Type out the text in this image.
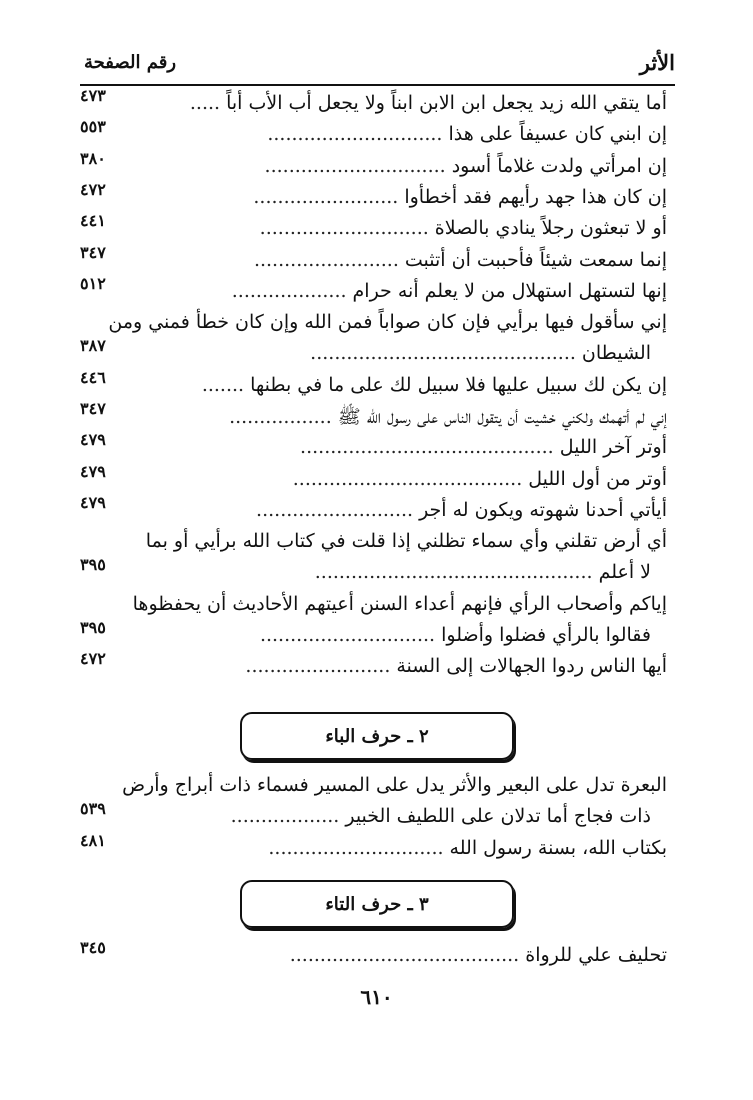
الأثر
رقم الصفحة
أما يتقي الله زيد يجعل ابن الابن ابناً ولا يجعل أب الأب أباً.....
٤٧٣
إن ابني كان عسيفاً على هذا.............................
٥٥٣
إن امرأتي ولدت غلاماً أسود..............................
٣٨٠
إن كان هذا جهد رأيهم فقد أخطأوا........................
٤٧٢
أو لا تبعثون رجلاً ينادي بالصلاة............................
٤٤١
إنما سمعت شيئاً فأحببت أن أتثبت........................
٣٤٧
إنها لتستهل استهلال من لا يعلم أنه حرام...................
٥١٢
إني سأقول فيها برأيي فإن كان صواباً فمن الله وإن كان خطأ فمني ومن
الشيطان............................................
٣٨٧
إن يكن لك سبيل عليها فلا سبيل لك على ما في بطنها.......
٤٤٦
إني لم أتهمك ولكني خشيت أن يتقول الناس على رسول الله ﷺ.................
٣٤٧
أوتر آخر الليل..........................................
٤٧٩
أوتر من أول الليل......................................
٤٧٩
أيأتي أحدنا شهوته ويكون له أجر..........................
٤٧٩
أي أرض تقلني وأي سماء تظلني إذا قلت في كتاب الله برأيي أو بما
لا أعلم..............................................
٣٩٥
إياكم وأصحاب الرأي فإنهم أعداء السنن أعيتهم الأحاديث أن يحفظوها
فقالوا بالرأي فضلوا وأضلوا.............................
٣٩٥
أيها الناس ردوا الجهالات إلى السنة........................
٤٧٢
٢ ـ حرف الباء
البعرة تدل على البعير والأثر يدل على المسير فسماء ذات أبراج وأرض
ذات فجاج أما تدلان على اللطيف الخبير..................
٥٣٩
بكتاب الله، بسنة رسول الله.............................
٤٨١
٣ ـ حرف التاء
تحليف علي للرواة......................................
٣٤٥
٦١٠
